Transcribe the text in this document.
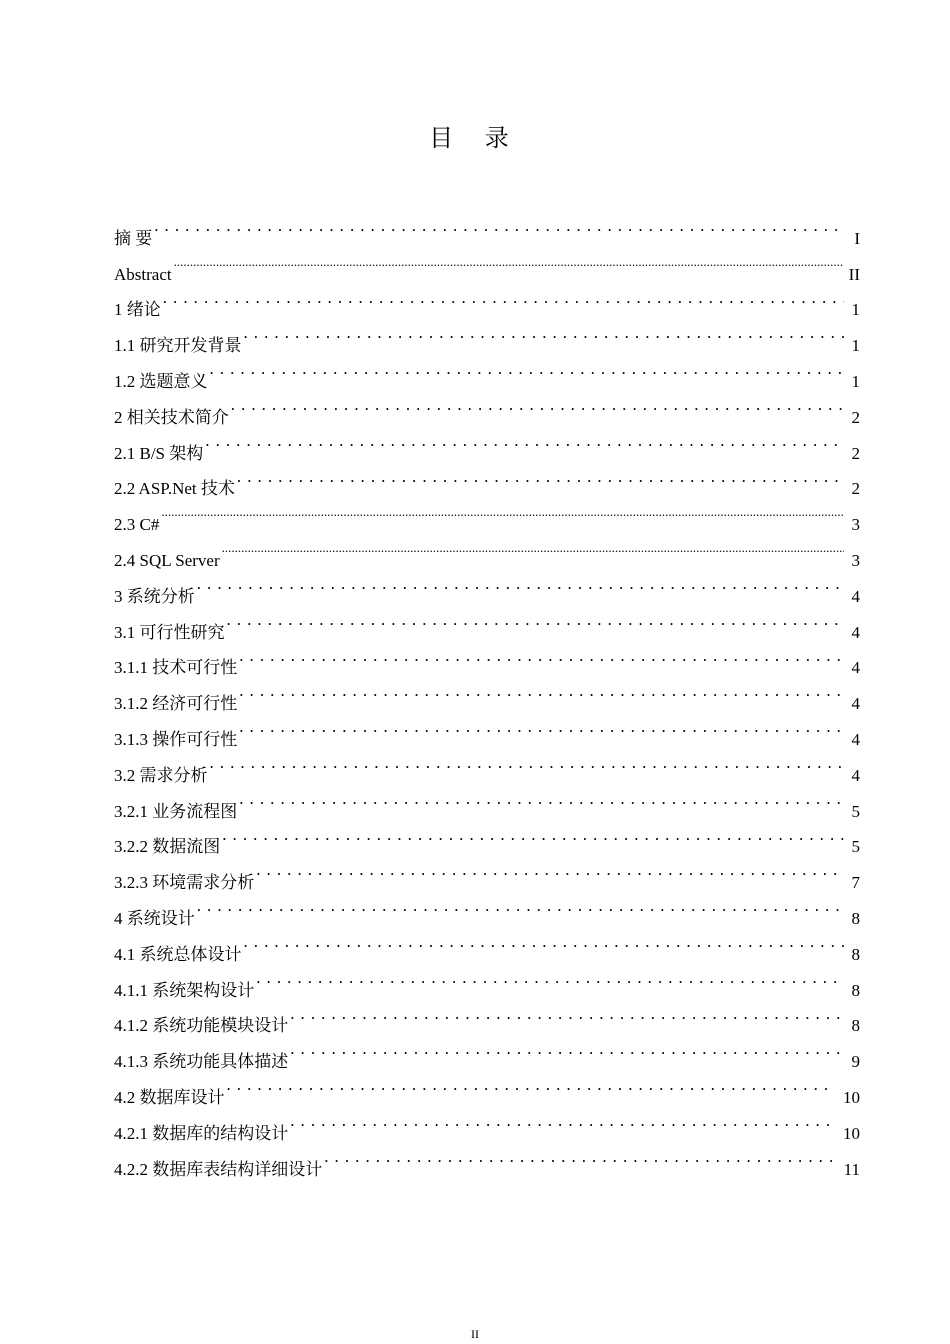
目 录
摘 要 . . .	I
Abstract .....	II
1 绪论 . . .	1
1.1 研究开发背景 . . .	1
1.2 选题意义 . . .	1
2 相关技术简介 . . .	2
2.1 B/S 架构 . . .	2
2.2 ASP.Net 技术 . . .	2
2.3 C# .....	3
2.4 SQL Server .....	3
3 系统分析 . . .	4
3.1 可行性研究 . . .	4
3.1.1 技术可行性 . . .	4
3.1.2 经济可行性 . . .	4
3.1.3 操作可行性 . . .	4
3.2 需求分析 . . .	4
3.2.1 业务流程图 . . .	5
3.2.2 数据流图 . . .	5
3.2.3 环境需求分析 . . .	7
4 系统设计 . . .	8
4.1 系统总体设计 . . .	8
4.1.1 系统架构设计 . . .	8
4.1.2 系统功能模块设计 . . .	8
4.1.3 系统功能具体描述 . . .	9
4.2 数据库设计 . . .	10
4.2.1 数据库的结构设计 . . .	10
4.2.2 数据库表结构详细设计 . . .	11
II
